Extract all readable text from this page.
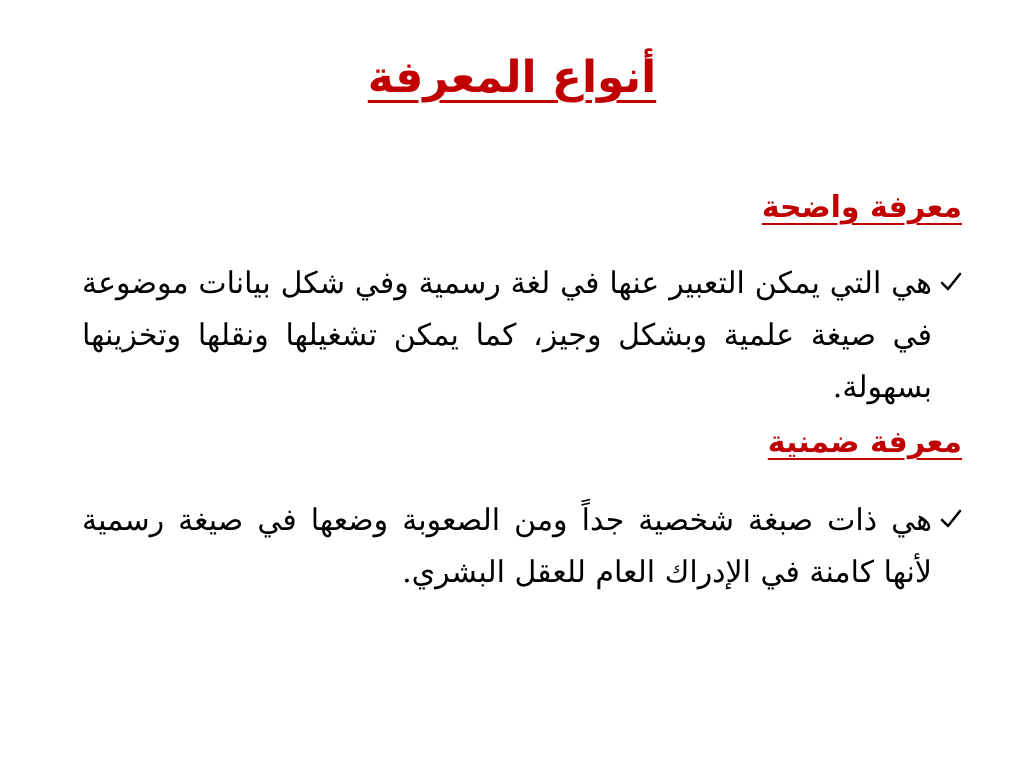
أنواع المعرفة
معرفة واضحة
هي التي يمكن التعبير عنها في لغة رسمية وفي شكل بيانات موضوعة في صيغة علمية وبشكل وجيز، كما يمكن تشغيلها ونقلها وتخزينها بسهولة.
معرفة ضمنية
هي ذات صبغة شخصية جداً ومن الصعوبة وضعها في صيغة رسمية لأنها كامنة في الإدراك العام للعقل البشري.
